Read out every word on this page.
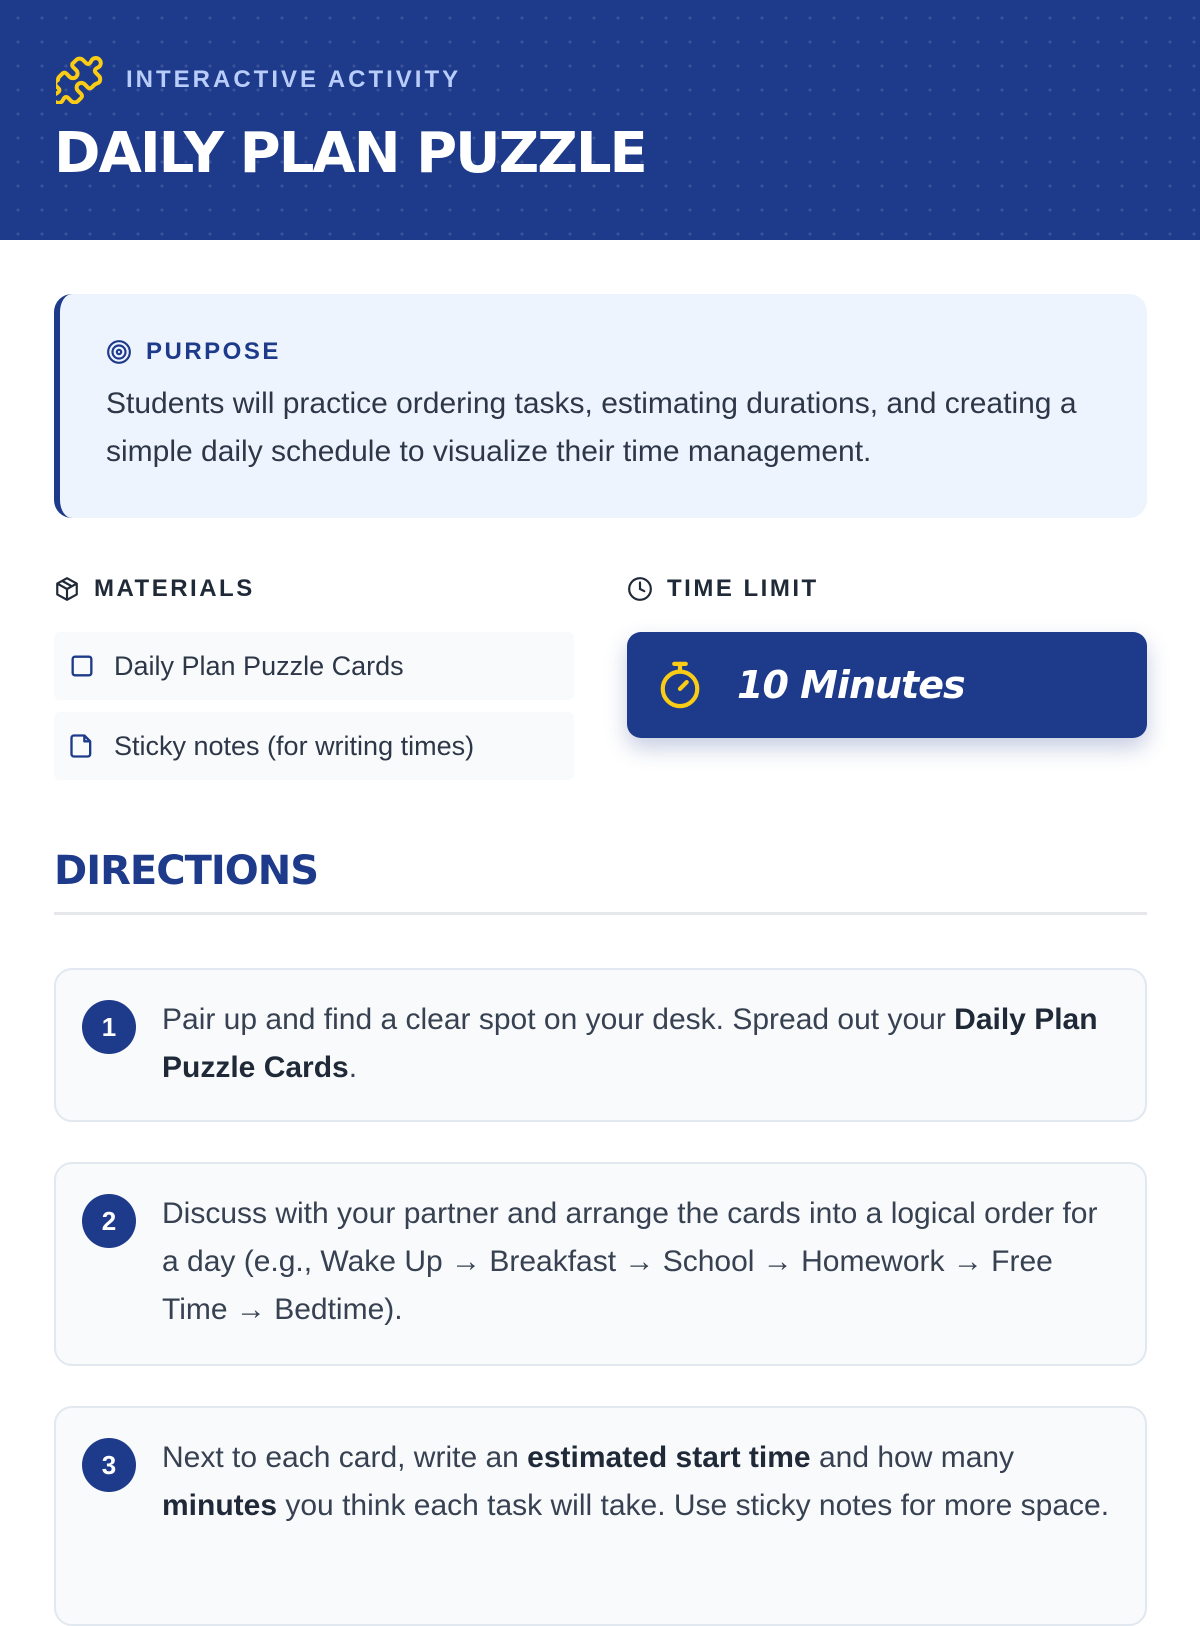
INTERACTIVE ACTIVITY
DAILY PLAN PUZZLE
PURPOSE

Students will practice ordering tasks, estimating durations, and creating a simple daily schedule to visualize their time management.

MATERIALS
Daily Plan Puzzle Cards
Sticky notes (for writing times)
TIME LIMIT
10 Minutes
DIRECTIONS
1	Pair up and find a clear spot on your desk. Spread out your Daily Plan Puzzle Cards.

2	Discuss with your partner and arrange the cards into a logical order for a day (e.g., Wake Up → Breakfast → School → Homework → Free Time → Bedtime).

3	Next to each card, write an estimated start time and how many minutes you think each task will take. Use sticky notes for more space.
